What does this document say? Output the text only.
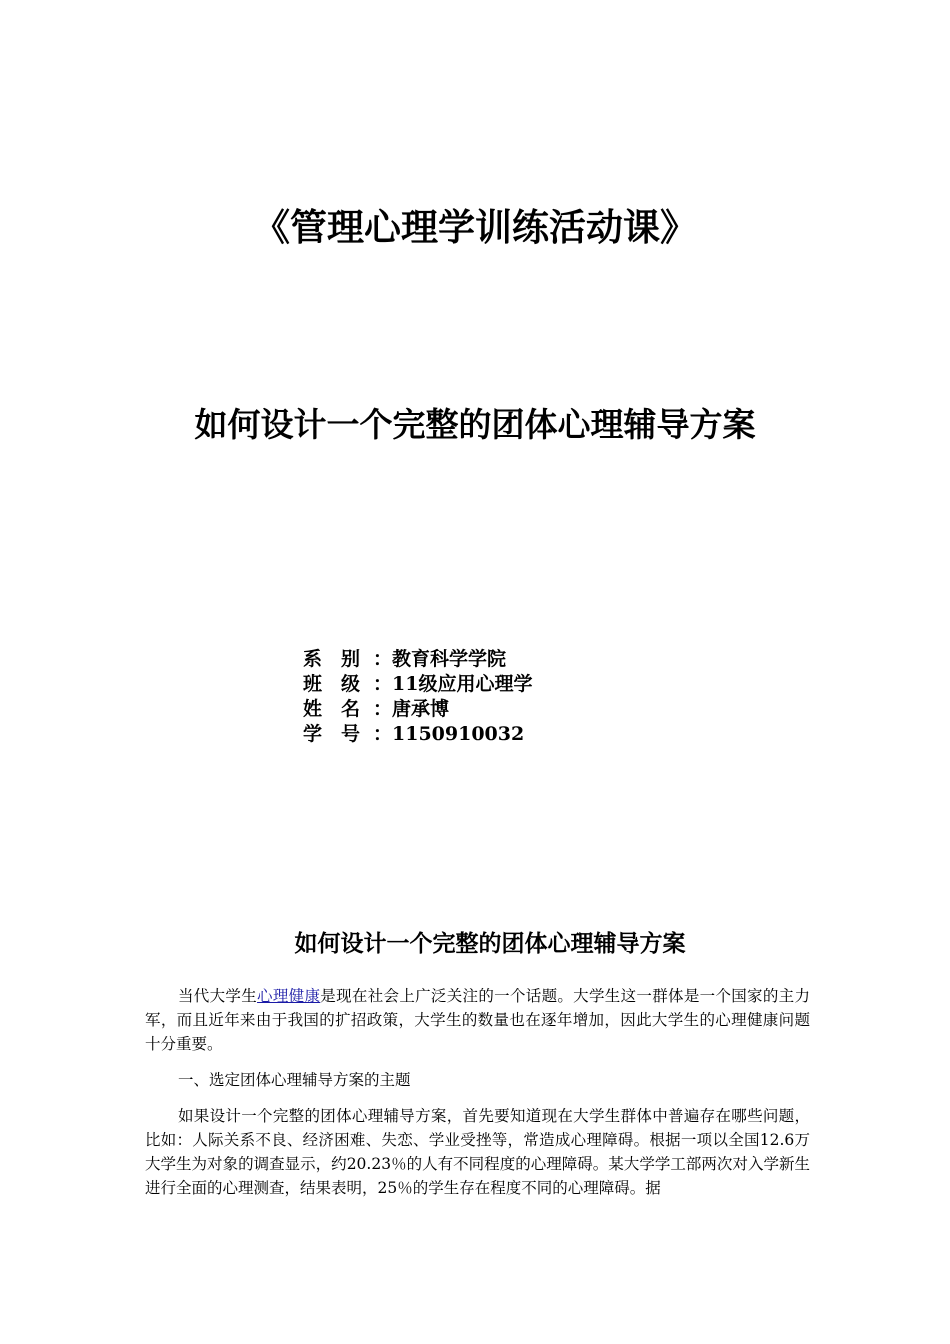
《管理心理学训练活动课》
如何设计一个完整的团体心理辅导方案
系 别 ：教育科学学院
班 级 ：11级应用心理学
姓 名 ：唐承博
学 号 ：1150910032
如何设计一个完整的团体心理辅导方案

当代大学生心理健康是现在社会上广泛关注的一个话题。大学生这一群体是一个国家的主力军，而且近年来由于我国的扩招政策，大学生的数量也在逐年增加，因此大学生的心理健康问题十分重要。

一、选定团体心理辅导方案的主题

如果设计一个完整的团体心理辅导方案，首先要知道现在大学生群体中普遍存在哪些问题，比如：人际关系不良、经济困难、失恋、学业受挫等，常造成心理障碍。根据一项以全国12.6万大学生为对象的调查显示，约20.23％的人有不同程度的心理障碍。某大学学工部两次对入学新生进行全面的心理测查，结果表明，25％的学生存在程度不同的心理障碍。据
